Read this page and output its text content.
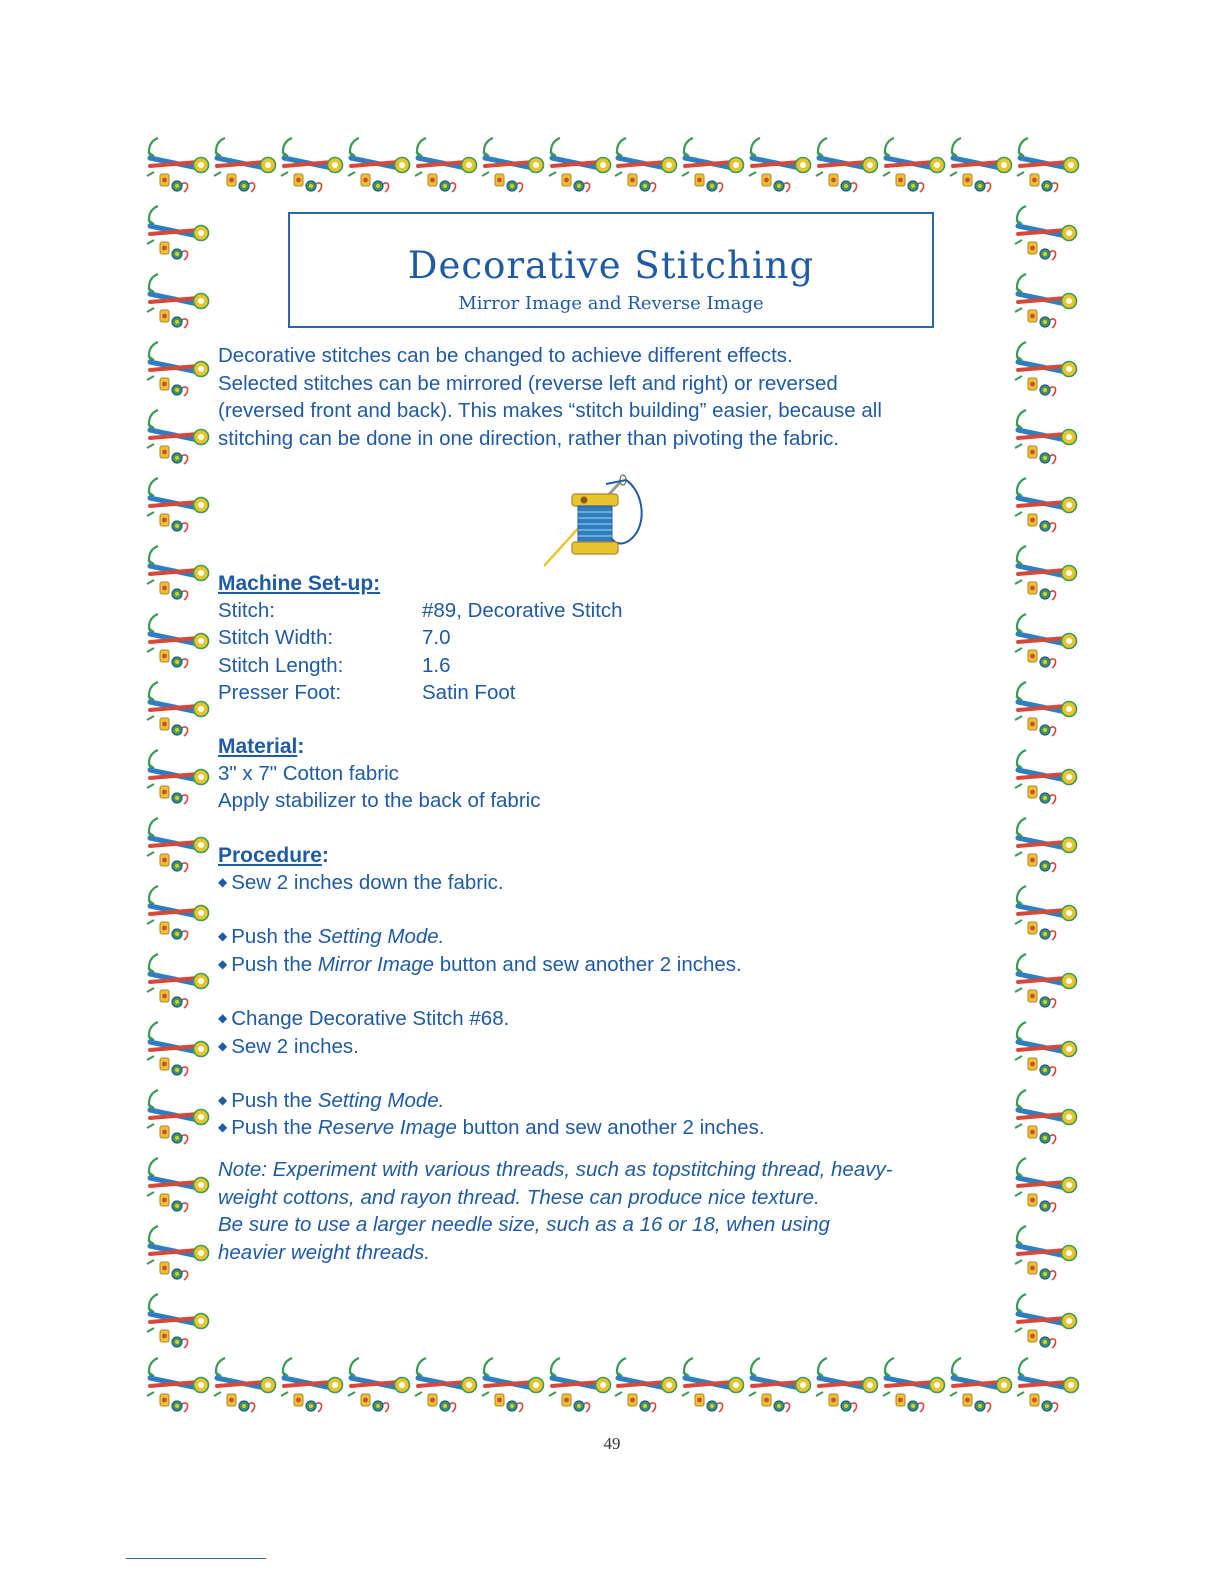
Decorative Stitching
Mirror Image and Reverse Image

Decorative stitches can be changed to achieve different effects.

Selected stitches can be mirrored (reverse left and right) or reversed

(reversed front and back). This makes “stitch building” easier, because all

stitching can be done in one direction, rather than pivoting the fabric.

Machine Set-up:

Stitch:	#89, Decorative Stitch
Stitch Width:	7.0
Stitch Length:	1.6
Presser Foot:	Satin Foot

Material:

3" x 7" Cotton fabric

Apply stabilizer to the back of fabric

Procedure:

◆ Sew 2 inches down the fabric.

◆ Push the Setting Mode.

◆ Push the Mirror Image button and sew another 2 inches.

◆ Change Decorative Stitch #68.

◆ Sew 2 inches.

◆ Push the Setting Mode.

◆ Push the Reserve Image button and sew another 2 inches.

Note: Experiment with various threads, such as topstitching thread, heavy-

weight cottons, and rayon thread. These can produce nice texture.

Be sure to use a larger needle size, such as a 16 or 18, when using

heavier weight threads.

49
